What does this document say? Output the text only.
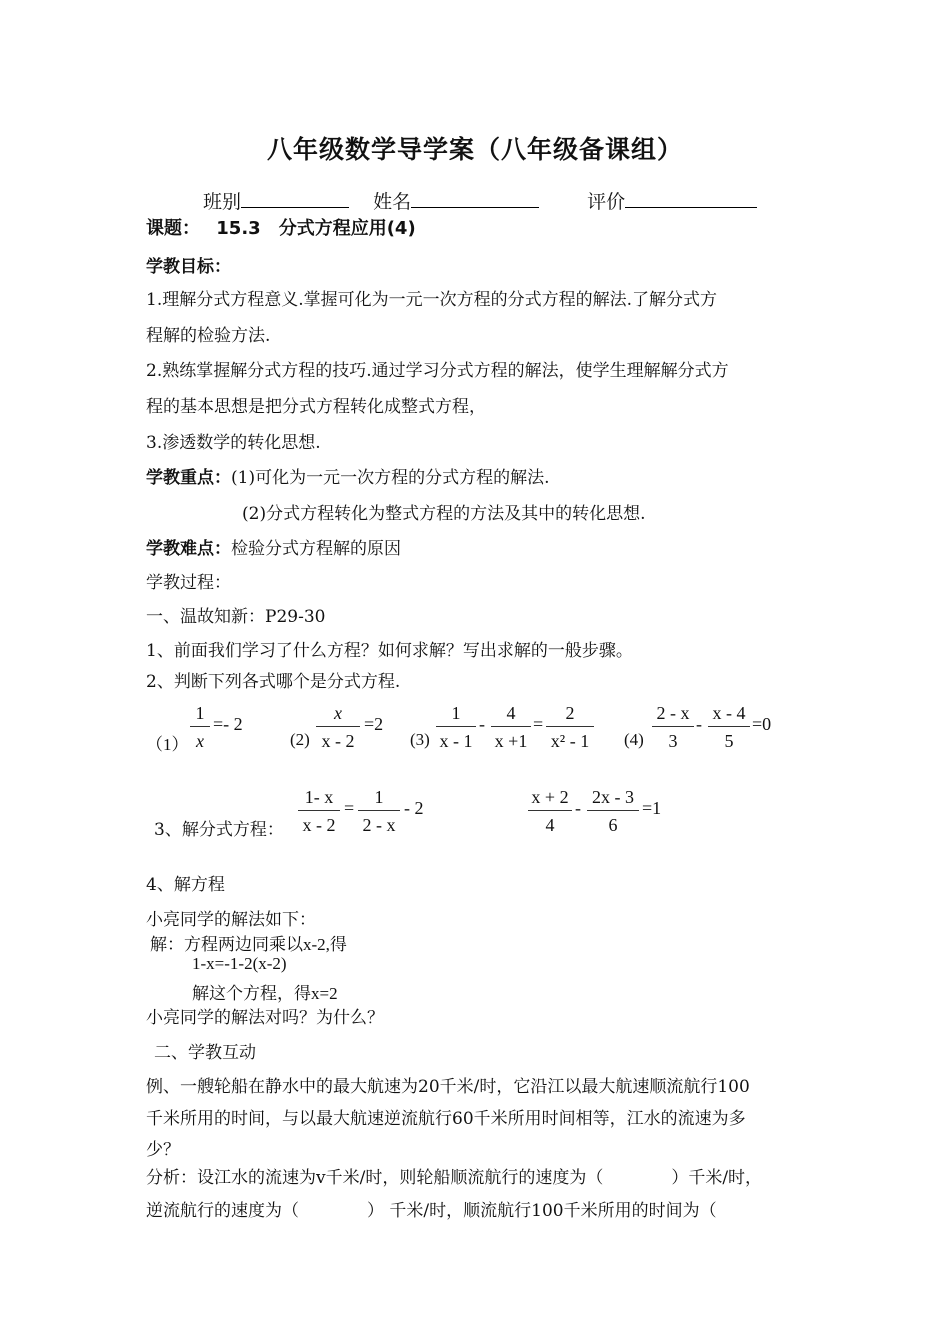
八年级数学导学案（八年级备课组）
班别	姓名	评价
课题： 15.3　分式方程应用(4)
学教目标：
1.理解分式方程意义.掌握可化为一元一次方程的分式方程的解法.了解分式方
程解的检验方法.
2.熟练掌握解分式方程的技巧.通过学习分式方程的解法，使学生理解解分式方
程的基本思想是把分式方程转化成整式方程，
3.渗透数学的转化思想.
学教重点：(1)可化为一元一次方程的分式方程的解法.
(2)分式方程转化为整式方程的方法及其中的转化思想.
学教难点：检验分式方程解的原因
学教过程：
一、温故知新：P29-30
1、前面我们学习了什么方程？如何求解？写出求解的一般步骤。
2、判断下列各式哪个是分式方程.
（1）
1
x
=- 2
(2)
x
x - 2
=2
(3)
1
x - 1
-
4
x +1
=
2
x² - 1 (4)
2 - x
3
-
x - 4
5
=0
3、解分式方程：
1- x
x - 2
=
1
2 - x
- 2
x + 2
4
-
2x - 3
6
=1
4、解方程
小亮同学的解法如下：
解：方程两边同乘以x-2,得
1-x=-1-2(x-2)
解这个方程，得x=2
小亮同学的解法对吗？为什么？
二、学教互动
例、一艘轮船在静水中的最大航速为20千米/时，它沿江以最大航速顺流航行100
千米所用的时间，与以最大航速逆流航行60千米所用时间相等，江水的流速为多
少？
分析：设江水的流速为v千米/时，则轮船顺流航行的速度为（　　　　）千米/时，
逆流航行的速度为（　　　　） 千米/时，顺流航行100千米所用的时间为（
